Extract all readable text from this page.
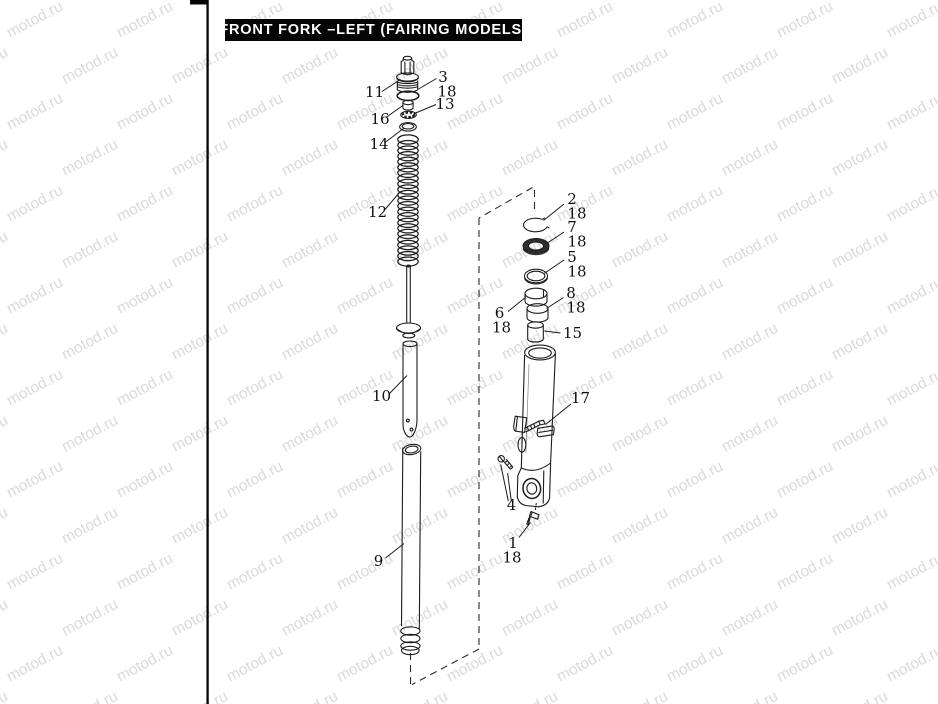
FRONT FORK –LEFT (FAIRING MODELS)
